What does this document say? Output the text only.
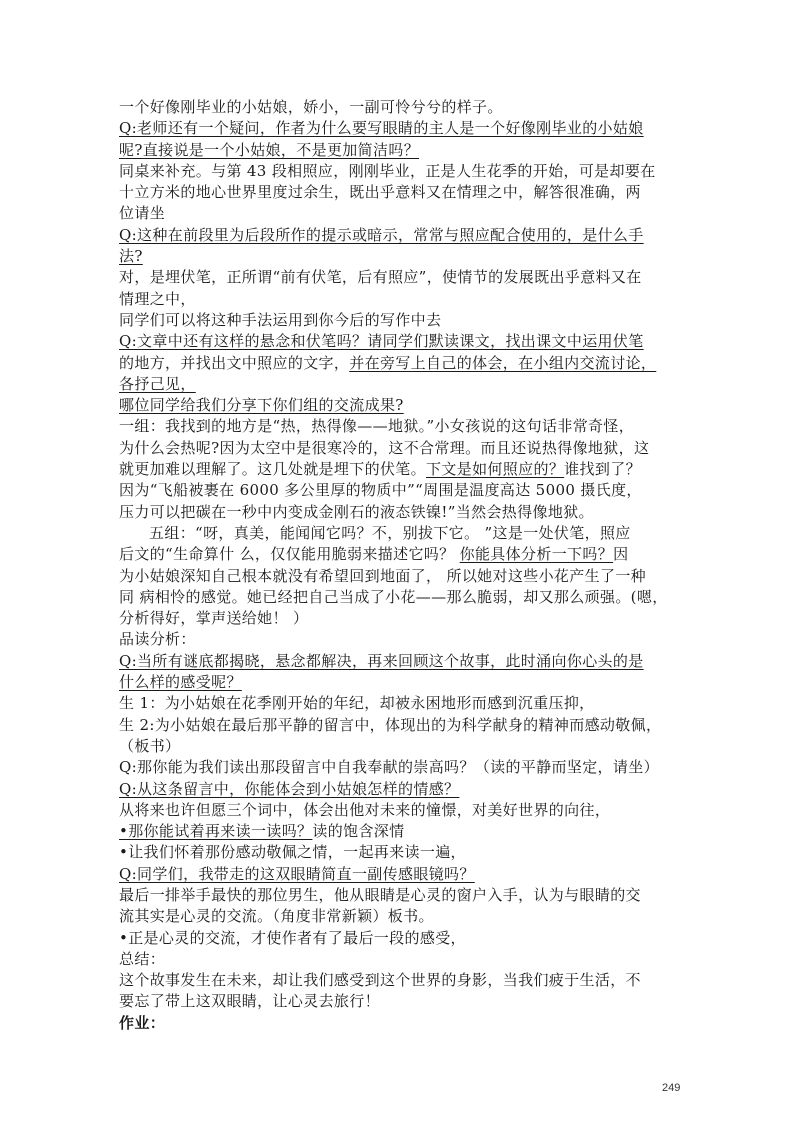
一个好像刚毕业的小姑娘，娇小，一副可怜兮兮的样子。
Q:老师还有一个疑问，作者为什么要写眼睛的主人是一个好像刚毕业的小姑娘
呢?直接说是一个小姑娘，不是更加简洁吗？
同桌来补充。与第 43 段相照应，刚刚毕业，正是人生花季的开始，可是却要在
十立方米的地心世界里度过余生，既出乎意料又在情理之中，解答很准确，两
位请坐
Q:这种在前段里为后段所作的提示或暗示，常常与照应配合使用的，是什么手
法?
对，是埋伏笔，正所谓“前有伏笔，后有照应”，使情节的发展既出乎意料又在
情理之中，
同学们可以将这种手法运用到你今后的写作中去
Q:文章中还有这样的悬念和伏笔吗？请同学们默读课文，找出课文中运用伏笔
的地方，并找出文中照应的文字，并在旁写上自己的体会，在小组内交流讨论，
各抒己见，
哪位同学给我们分享下你们组的交流成果?
一组：我找到的地方是“热，热得像——地狱。”小女孩说的这句话非常奇怪，
为什么会热呢?因为太空中是很寒冷的，这不合常理。而且还说热得像地狱，这
就更加难以理解了。这几处就是埋下的伏笔。下文是如何照应的？谁找到了？
因为“飞船被裹在 6000 多公里厚的物质中”“周围是温度高达 5000 摄氏度，
压力可以把碳在一秒中内变成金刚石的液态铁镍!”当然会热得像地狱。
五组：“呀，真美，能闻闻它吗？不，别拔下它。 ”这是一处伏笔，照应
后文的“生命算什 么，仅仅能用脆弱来描述它吗？ 你能具体分析一下吗？因
为小姑娘深知自己根本就没有希望回到地面了， 所以她对这些小花产生了一种
同 病相怜的感觉。她已经把自己当成了小花——那么脆弱，却又那么顽强。(嗯，
分析得好，掌声送给她！ ）
品读分析：
Q:当所有谜底都揭晓，悬念都解决，再来回顾这个故事，此时涌向你心头的是
什么样的感受呢？
生 1：为小姑娘在花季刚开始的年纪，却被永困地形而感到沉重压抑，
生 2:为小姑娘在最后那平静的留言中，体现出的为科学献身的精神而感动敬佩，
（板书）
Q:那你能为我们读出那段留言中自我奉献的崇高吗？（读的平静而坚定，请坐）
Q:从这条留言中，你能体会到小姑娘怎样的情感？
从将来也许但愿三个词中，体会出他对未来的憧憬，对美好世界的向往，
•那你能试着再来读一读吗？读的饱含深情
•让我们怀着那份感动敬佩之情，一起再来读一遍，
Q:同学们，我带走的这双眼睛简直一副传感眼镜吗？
最后一排举手最快的那位男生，他从眼睛是心灵的窗户入手，认为与眼睛的交
流其实是心灵的交流。（角度非常新颖）板书。
•正是心灵的交流，才使作者有了最后一段的感受，
总结：
这个故事发生在未来，却让我们感受到这个世界的身影，当我们疲于生活，不
要忘了带上这双眼睛，让心灵去旅行！
作业：
249
